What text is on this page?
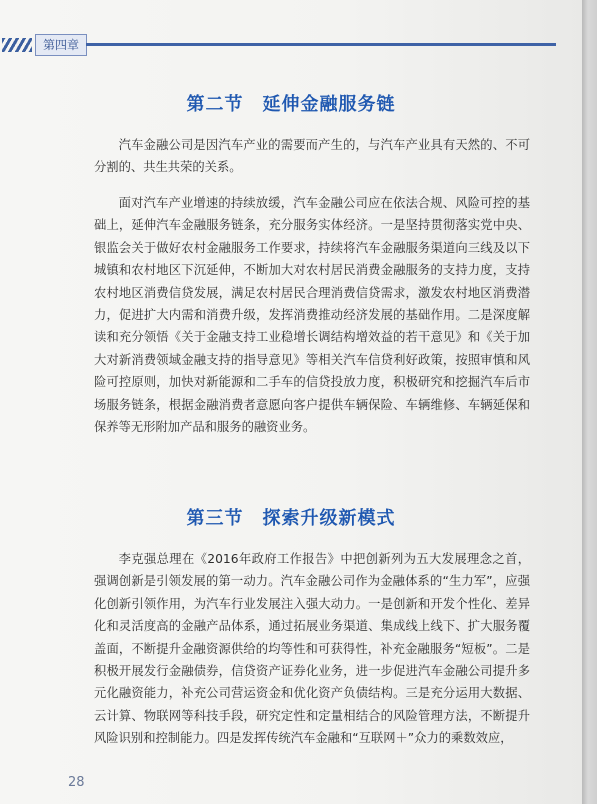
第四章
第二节　延伸金融服务链

汽车金融公司是因汽车产业的需要而产生的，与汽车产业具有天然的、不可分割的、共生共荣的关系。

面对汽车产业增速的持续放缓，汽车金融公司应在依法合规、风险可控的基础上，延伸汽车金融服务链条，充分服务实体经济。一是坚持贯彻落实党中央、银监会关于做好农村金融服务工作要求，持续将汽车金融服务渠道向三线及以下城镇和农村地区下沉延伸，不断加大对农村居民消费金融服务的支持力度，支持农村地区消费信贷发展，满足农村居民合理消费信贷需求，激发农村地区消费潜力，促进扩大内需和消费升级，发挥消费推动经济发展的基础作用。二是深度解读和充分领悟《关于金融支持工业稳增长调结构增效益的若干意见》和《关于加大对新消费领域金融支持的指导意见》等相关汽车信贷利好政策，按照审慎和风险可控原则，加快对新能源和二手车的信贷投放力度，积极研究和挖掘汽车后市场服务链条，根据金融消费者意愿向客户提供车辆保险、车辆维修、车辆延保和保养等无形附加产品和服务的融资业务。

第三节　探索升级新模式

李克强总理在《2016年政府工作报告》中把创新列为五大发展理念之首，强调创新是引领发展的第一动力。汽车金融公司作为金融体系的“生力军”，应强化创新引领作用，为汽车行业发展注入强大动力。一是创新和开发个性化、差异化和灵活度高的金融产品体系，通过拓展业务渠道、集成线上线下、扩大服务覆盖面，不断提升金融资源供给的均等性和可获得性，补充金融服务“短板”。二是积极开展发行金融债券，信贷资产证券化业务，进一步促进汽车金融公司提升多元化融资能力，补充公司营运资金和优化资产负债结构。三是充分运用大数据、云计算、物联网等科技手段，研究定性和定量相结合的风险管理方法，不断提升风险识别和控制能力。四是发挥传统汽车金融和“互联网＋”众力的乘数效应，

28
